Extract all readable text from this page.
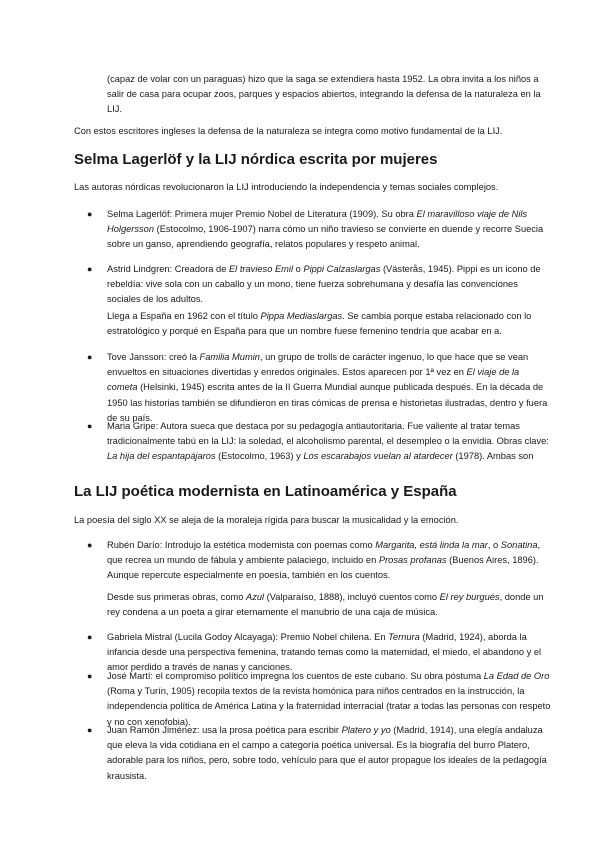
(capaz de volar con un paraguas) hizo que la saga se extendiera hasta 1952. La obra invita a los niños a salir de casa para ocupar zoos, parques y espacios abiertos, integrando la defensa de la naturaleza en la LIJ.

Con estos escritores ingleses la defensa de la naturaleza se integra como motivo fundamental de la LIJ.

Selma Lagerlöf y la LIJ nórdica escrita por mujeres

Las autoras nórdicas revolucionaron la LIJ introduciendo la independencia y temas sociales complejos.

● Selma Lagerlöf: Primera mujer Premio Nobel de Literatura (1909). Su obra El maravilloso viaje de Nils Holgersson (Estocolmo, 1906-1907) narra cómo un niño travieso se convierte en duende y recorre Suecia sobre un ganso, aprendiendo geografía, relatos populares y respeto animal.

● Astrid Lindgren: Creadora de El travieso Emil o Pippi Calzaslargas (Västerås, 1945). Pippi es un icono de rebeldía: vive sola con un caballo y un mono, tiene fuerza sobrehumana y desafía las convenciones sociales de los adultos.

Llega a España en 1962 con el título Pippa Mediaslargas. Se cambia porque estaba relacionado con lo estratológico y porqué en España para que un nombre fuese femenino tendría que acabar en a.

● Tove Jansson: creó la Familia Mumin, un grupo de trolls de carácter ingenuo, lo que hace que se vean envueltos en situaciones divertidas y enredos originales. Estos aparecen por 1ª vez en El viaje de la cometa (Helsinki, 1945) escrita antes de la II Guerra Mundial aunque publicada después. En la década de 1950 las historias también se difundieron en tiras cómicas de prensa e historietas ilustradas, dentro y fuera de su país.

● Maria Gripe: Autora sueca que destaca por su pedagogía antiautoritaria. Fue valiente al tratar temas tradicionalmente tabú en la LIJ: la soledad, el alcoholismo parental, el desempleo o la envidia. Obras clave: La hija del espantapájaros (Estocolmo, 1963) y Los escarabajos vuelan al atardecer (1978). Ambas son

La LIJ poética modernista en Latinoamérica y España

La poesía del siglo XX se aleja de la moraleja rígida para buscar la musicalidad y la emoción.

● Rubén Darío: Introdujo la estética modernista con poemas como Margarita, está linda la mar, o Sonatina, que recrea un mundo de fábula y ambiente palaciego, incluido en Prosas profanas (Buenos Aires, 1896). Aunque repercute especialmente en poesía, también en los cuentos.

Desde sus primeras obras, como Azul (Valparaíso, 1888), incluyó cuentos como El rey burgués, donde un rey condena a un poeta a girar eternamente el manubrio de una caja de música.

● Gabriela Mistral (Lucila Godoy Alcayaga): Premio Nobel chilena. En Ternura (Madrid, 1924), aborda la infancia desde una perspectiva femenina, tratando temas como la maternidad, el miedo, el abandono y el amor perdido a través de nanas y canciones.

● José Martí: el compromiso político impregna los cuentos de este cubano. Su obra póstuma La Edad de Oro (Roma y Turín, 1905) recopila textos de la revista homónica para niños centrados en la instrucción, la independencia política de América Latina y la fraternidad interracial (tratar a todas las personas con respeto y no con xenofobia).

● Juan Ramón Jiménez: usa la prosa poética para escribir Platero y yo (Madrid, 1914), una elegía andaluza que eleva la vida cotidiana en el campo a categoría poética universal. Es la biografía del burro Platero, adorable para los niños, pero, sobre todo, vehículo para que el autor propague los ideales de la pedagogía krausista.
